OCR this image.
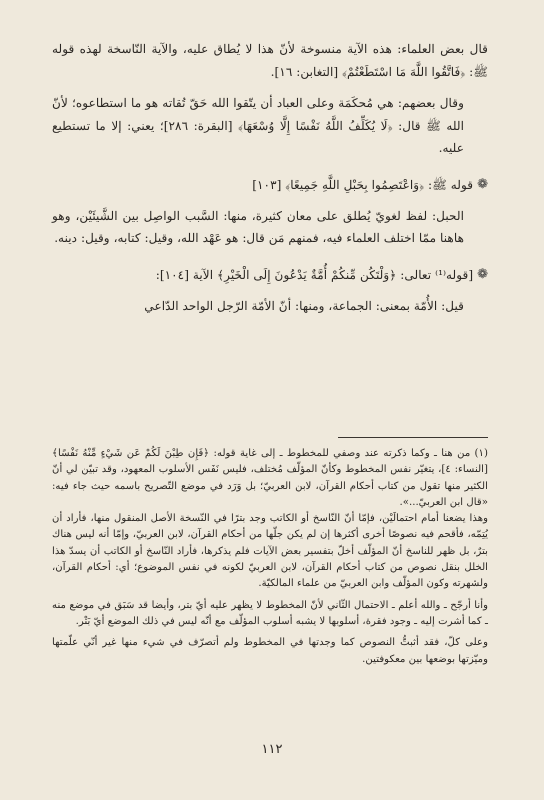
قال بعض العلماء: هذه الآية منسوخة لأنّ هذا لا يُطاق عليه، والآية النّاسخة لهذه قوله ﷺ: ﴿فَاتَّقُوا اللَّهَ مَا اسْتَطَعْتُمْ﴾ [التغابن: ١٦].

وقال بعضهم: هي مُحكَمَة وعلى العباد أن يتّقوا الله حَقّ تُقاته هو ما استطاعوه؛ لأنّ الله ﷺ قال: ﴿لَا يُكَلِّفُ اللَّهُ نَفْسًا إِلَّا وُسْعَهَا﴾ [البقرة: ٢٨٦]؛ يعني: إلا ما تستطيع عليه.

❁
قوله ﷺ: ﴿وَاعْتَصِمُوا بِحَبْلِ اللَّهِ جَمِيعًا﴾ [١٠٣]

الحبل: لفظ لغويّ يُطلق على معان كثيرة، منها: السَّبب الواصِل بين الشَّيئَيْن، وهو هاهنا ممّا اختلف العلماء فيه، فمنهم مَن قال: هو عَهْد الله، وقيل: كتابه، وقيل: دينه.

❁
[قوله⁽¹⁾ تعالى: ﴿وَلْتَكُن مِّنكُمْ أُمَّةٌ يَدْعُونَ إِلَى الْخَيْرِ﴾ الآية [١٠٤]:

قيل: الأُمّة بمعنى: الجماعة، ومنها: أنّ الأمّة الرّجل الواحد الدّاعي

(١) من هنا ـ وكما ذكرته عند وصفي للمخطوط ـ إلى غاية قوله: ﴿فَإِن طِبْنَ لَكُمْ عَن شَيْءٍ مِّنْهُ نَفْسًا﴾ [النساء: ٤]، يتغيّر نفس المخطوط وكأنّ المؤلّف مُختلف، فليس نَفَس الأسلوب المعهود، وقد تبيّن لي أنّ الكثير منها تقول من كتاب أحكام القرآن، لابن العربيّ؛ بل وَرَد في موضع التّصريح باسمه حيث جاء فيه: «قال ابن العربيّ...».

وهذا يضعنا أمام احتمالَيْن، فإمّا أنّ النّاسخ أو الكاتب وجد بترًا في النّسخة الأصل المنقول منها، فأراد أن يُتِمّه، فأقحم فيه نصوصًا أخرى أكثرها إن لم يكن جلّها من أحكام القرآن، لابن العربيّ، وإمّا أنه ليس هناك بترٌ، بل ظهر للناسخ أنّ المؤلّف أخلّ بتفسير بعض الآيات فلم يذكرها، فأراد النّاسخ أو الكاتب أن يسدّ هذا الخلل بنقل نصوص من كتاب أحكام القرآن، لابن العربيّ لكونه في نفس الموضوع؛ أي: أحكام القرآن، ولشهرته وكون المؤلّف وابن العربيّ من علماء المالكيّة.

وأنا أرجّح ـ والله أعلم ـ الاحتمال الثّاني لأنّ المخطوط لا يظهر عليه أيّ بتر، وأيضا قد سَبَق في موضع منه ـ كما أشرت إليه ـ وجود فقرة، أسلوبها لا يشبه أسلوب المؤلّف مع أنّه ليس في ذلك الموضع أيّ بَتْر.

وعلى كلّ، فقد أثبتُّ النصوص كما وجدتها في المخطوط ولم أتصرّف في شيء منها غير أنّي علّمتها وميّزتها بوضعها بين معكوفتين.

١١٢
